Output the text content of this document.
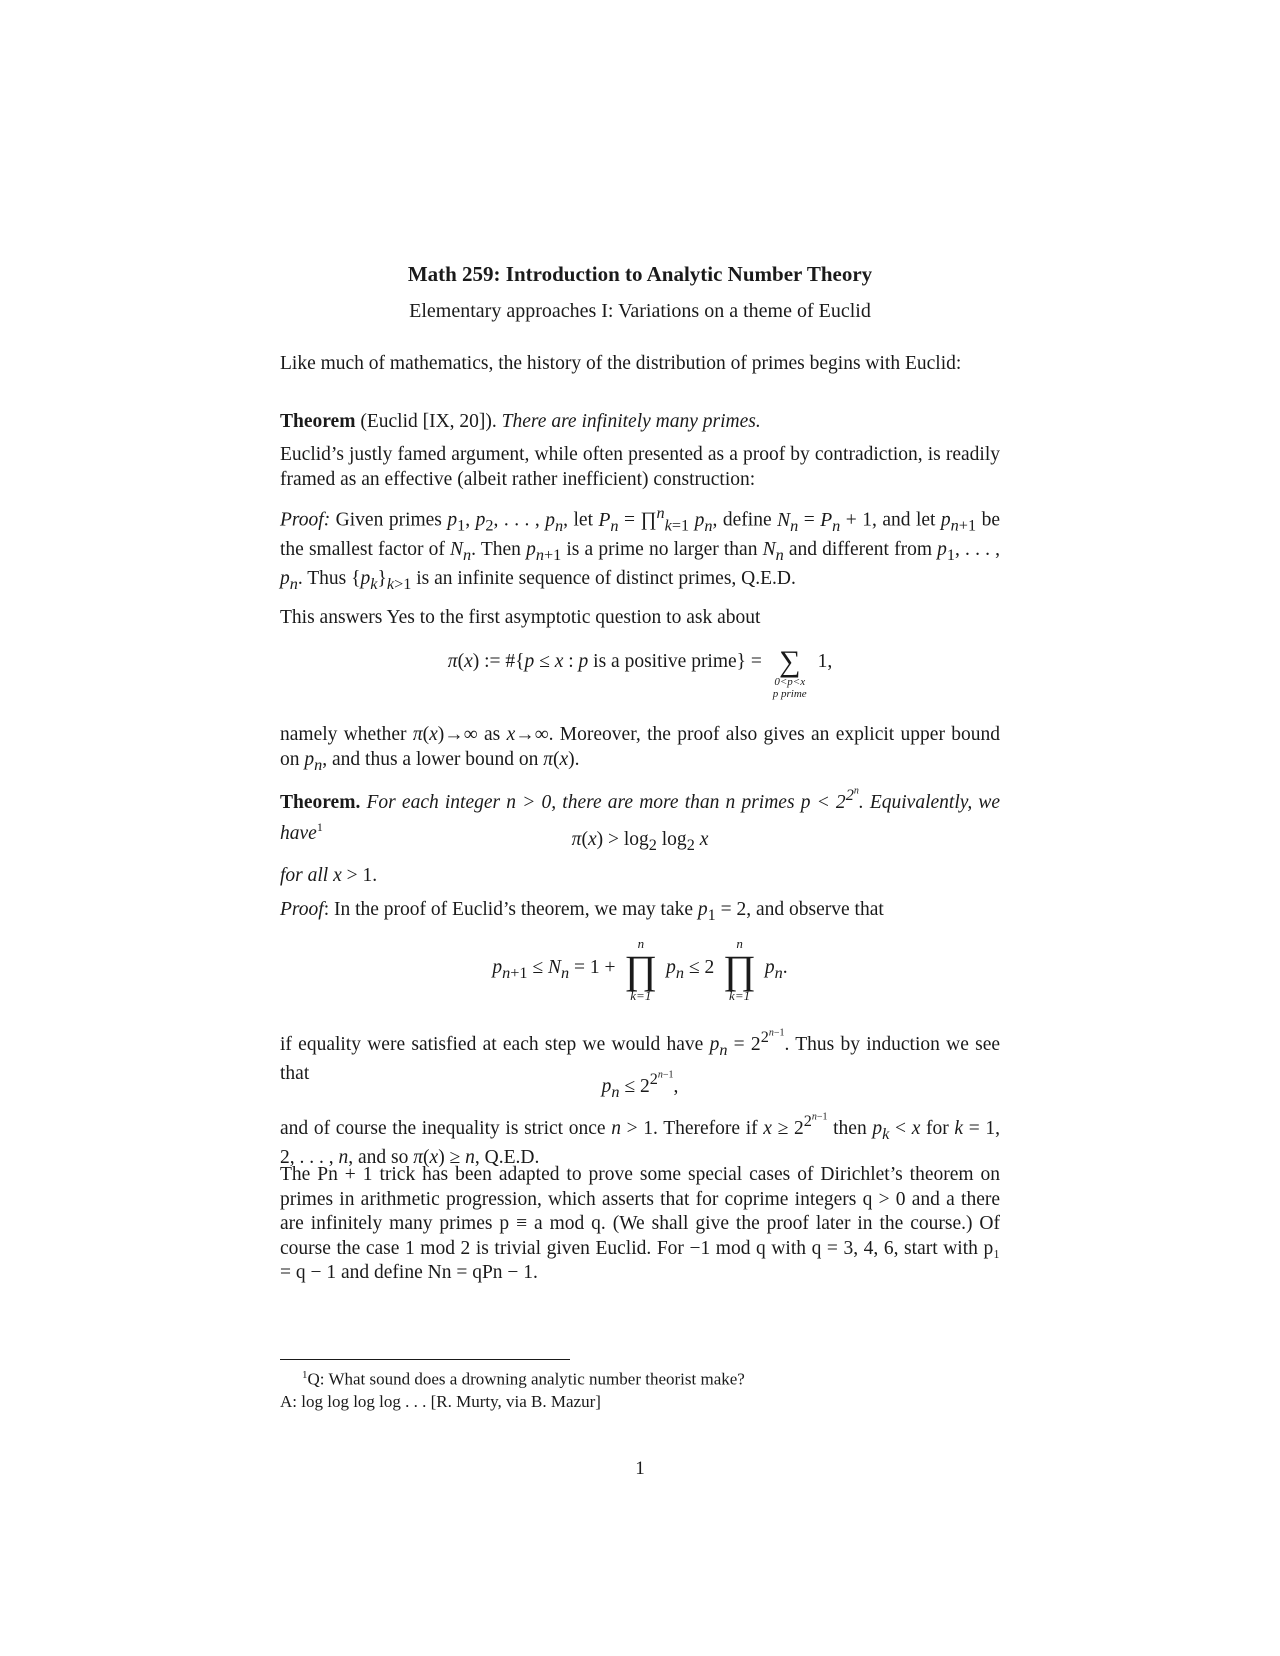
Math 259: Introduction to Analytic Number Theory
Elementary approaches I: Variations on a theme of Euclid

Like much of mathematics, the history of the distribution of primes begins with Euclid:

Theorem (Euclid [IX, 20]). There are infinitely many primes.

Euclid’s justly famed argument, while often presented as a proof by contradiction, is readily framed as an effective (albeit rather inefficient) construction:

Proof: Given primes $p_1$, $p_2$, . . . , $p_n$, let $P_n$ = ∏$^n_{k=1}$ $p_n$, define $N_n = P_n + 1$, and let $p_{n+1}$ be the smallest factor of $N_n$. Then $p_{n+1}$ is a prime no larger than $N_n$ and different from $p_1$, . . . , $p_n$. Thus $\{p_k\}_{k>1}$ is an infinite sequence of distinct primes, Q.E.D.

This answers Yes to the first asymptotic question to ask about

π(x) := #{p ≤ x : p is a positive prime} = ∑
0<p<x
p prime
1,

namely whether π(x)→∞ as x→∞. Moreover, the proof also gives an explicit upper bound on $p_n$, and thus a lower bound on π(x).

Theorem. For each integer n > 0, there are more than n primes $p < 2^{2^n}$. Equivalently, we have$^1$

$\pi(x) > \log_2 \log_2 x$

for all x > 1.

Proof: In the proof of Euclid’s theorem, we may take $p_1 = 2$, and observe that

$p_{n+1} \le N_n = 1$ +
n
∏
k=1
$p_n \le 2$
n
∏
k=1
$p_n$.

if equality were satisfied at each step we would have $p_n = 2^{2^{n-1}}$. Thus by induction we see that

$p_n \le 2^{2^{n-1}}$,

and of course the inequality is strict once n > 1. Therefore if $x \ge 2^{2^{n-1}}$ then $p_k < x$ for k = 1, 2, . . . , n, and so π(x) ≥ n, Q.E.D.

The Pn + 1 trick has been adapted to prove some special cases of Dirichlet’s theorem on primes in arithmetic progression, which asserts that for coprime integers q > 0 and a there are infinitely many primes p ≡ a mod q. (We shall give the proof later in the course.) Of course the case 1 mod 2 is trivial given Euclid. For −1 mod q with q = 3, 4, 6, start with p₁ = q − 1 and define Nn = qPn − 1.

$^1$Q: What sound does a drowning analytic number theorist make?
A: log log log log . . . [R. Murty, via B. Mazur]
1
